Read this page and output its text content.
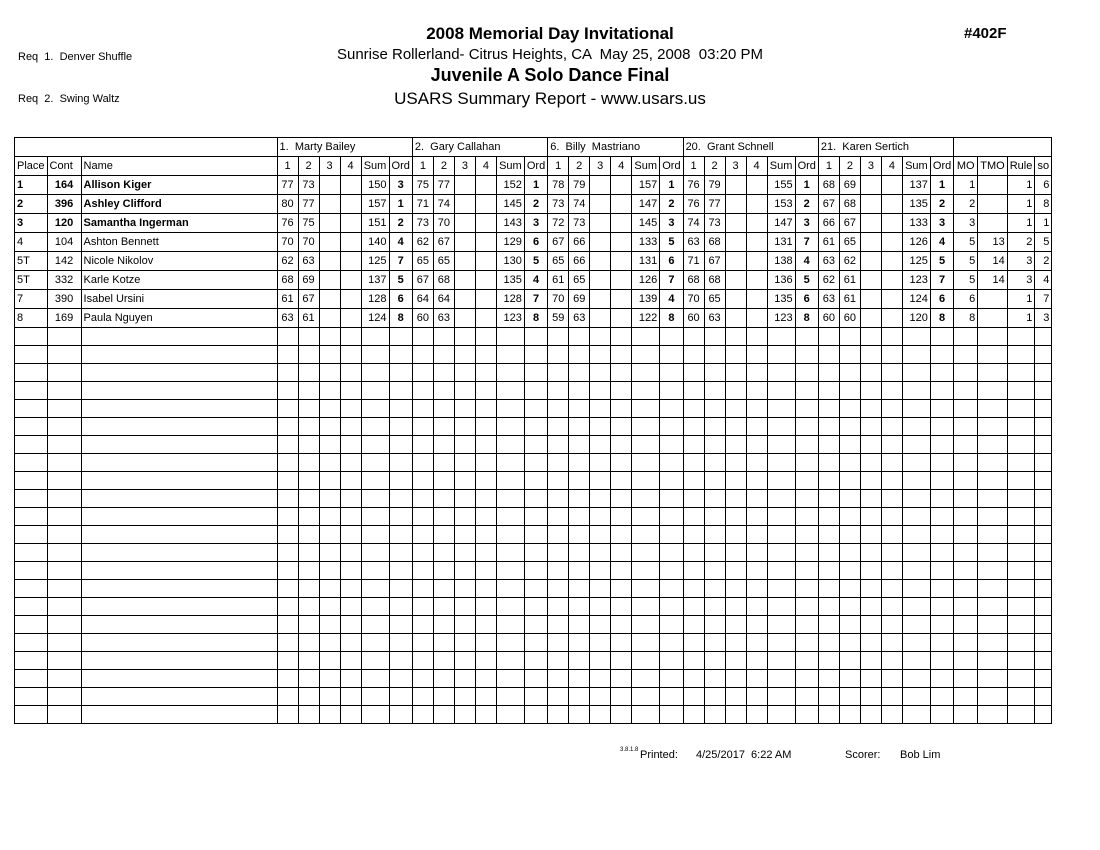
Req  1.  Denver Shuffle

Req  2.  Swing Waltz

2008 Memorial Day Invitational
Sunrise Rollerland- Citrus Heights, CA  May 25, 2008  03:20 PM
Juvenile A Solo Dance Final
USARS Summary Report - www.usars.us
#402F
			1.  Marty Bailey						2.  Gary Callahan						6.  Billy  Mastriano						20.  Grant Schnell						21.  Karen Sertich									
Place	Cont	Name	1	2	3	4	Sum	Ord	1	2	3	4	Sum	Ord	1	2	3	4	Sum	Ord	1	2	3	4	Sum	Ord	1	2	3	4	Sum	Ord	MO	TMO	Rule	so
1	164	Allison Kiger	77	73			150	3	75	77			152	1	78	79			157	1	76	79			155	1	68	69			137	1	1		1	6
2	396	Ashley Clifford	80	77			157	1	71	74			145	2	73	74			147	2	76	77			153	2	67	68			135	2	2		1	8
3	120	Samantha Ingerman	76	75			151	2	73	70			143	3	72	73			145	3	74	73			147	3	66	67			133	3	3		1	1
4	104	Ashton Bennett	70	70			140	4	62	67			129	6	67	66			133	5	63	68			131	7	61	65			126	4	5	13	2	5
5T	142	Nicole Nikolov	62	63			125	7	65	65			130	5	65	66			131	6	71	67			138	4	63	62			125	5	5	14	3	2
5T	332	Karle Kotze	68	69			137	5	67	68			135	4	61	65			126	7	68	68			136	5	62	61			123	7	5	14	3	4
7	390	Isabel Ursini	61	67			128	6	64	64			128	7	70	69			139	4	70	65			135	6	63	61			124	6	6		1	7
8	169	Paula Nguyen	63	61			124	8	60	63			123	8	59	63			122	8	60	63			123	8	60	60			120	8	8		1	3

3.8.1.8 Printed: 4/25/2017  6:22 AM	Scorer: Bob Lim
